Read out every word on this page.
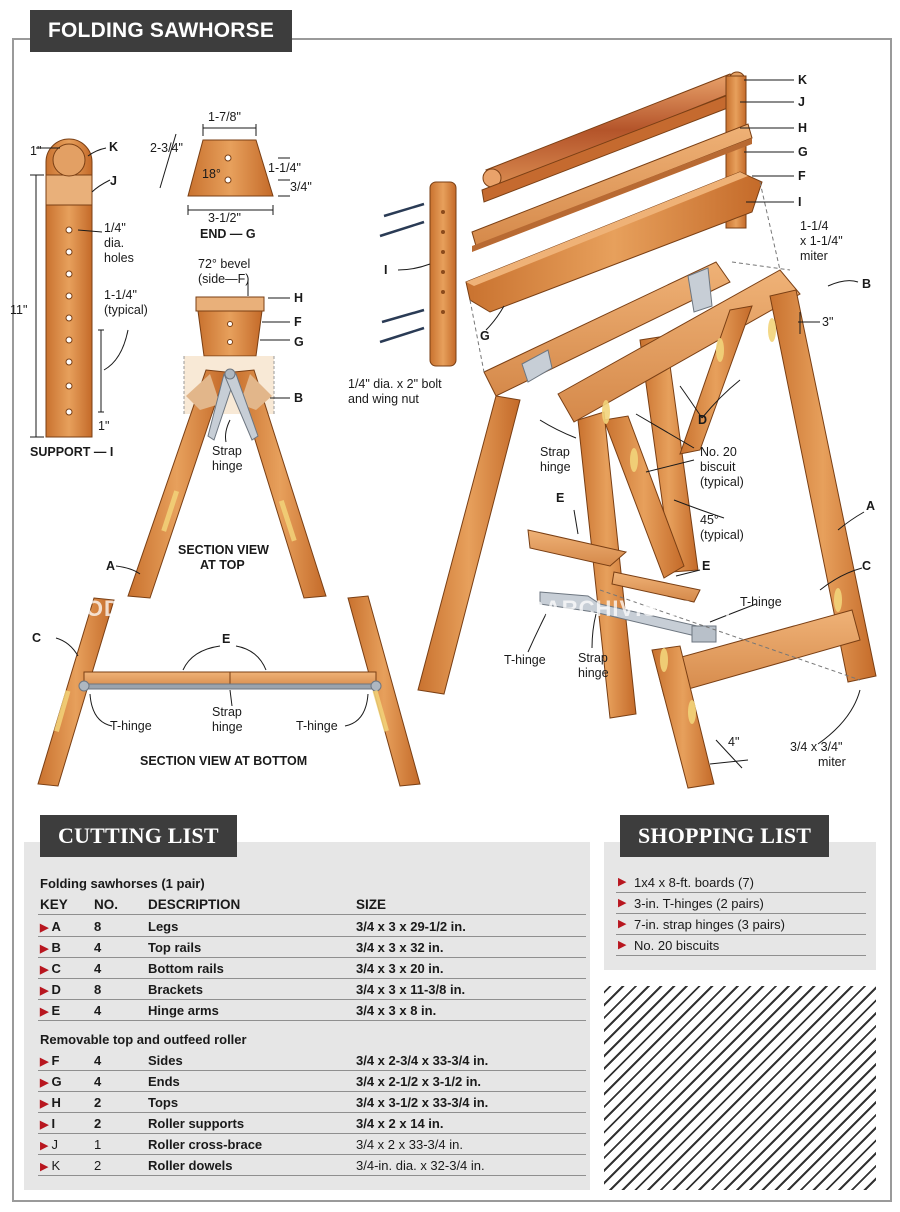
FOLDING SAWHORSE
1"
11"
1"
K
J
1/4"
dia.
holes
1-1/4"
(typical)
SUPPORT — I
1-7/8"
2-3/4"
18°	1-1/4"
3/4"
3-1/2"
END — G
72° bevel
(side—F)
H
F
G
B
Strap
hinge
SECTION VIEW
AT TOP
A
C	E
T-hinge
Strap
hinge	T-hinge
SECTION VIEW AT BOTTOM
K
J
H
G
F
I
1-1/4
x 1-1/4"
miter
B
3"
I
G
1/4" dia. x 2" bolt
and wing nut
D
Strap
hinge
No. 20
biscuit
(typical)
A
E
45°
(typical)
C
E
T-hinge
T-hinge	Strap
hinge
4"	3/4 x 3/4"
miter
WOODARCHIVIST.COM	WOODARCHIVIST.COM
Folding sawhorses (1 pair)
KEY NO. DESCRIPTION	SIZE
▶ A	8	Legs	3/4 x 3 x 29-1/2 in.
▶ B	4	Top rails	3/4 x 3 x 32 in.
▶ C	4	Bottom rails	3/4 x 3 x 20 in.
▶ D	8	Brackets	3/4 x 3 x 11-3/8 in.
▶ E	4	Hinge arms	3/4 x 3 x 8 in.
Removable top and outfeed roller
▶ F	4	Sides	3/4 x 2-3/4 x 33-3/4 in.
▶ G 4	Ends	3/4 x 2-1/2 x 3-1/2 in.
▶ H	2	Tops	3/4 x 3-1/2 x 33-3/4 in.
▶ I	2	Roller supports	3/4 x 2 x 14 in.
▶ J	1	Roller cross-brace	3/4 x 2 x 33-3/4 in.
▶ K	2	Roller dowels	3/4-in. dia. x 32-3/4 in.
CUTTING LIST
▶ 1x4 x 8-ft. boards (7)
▶ 3-in. T-hinges (2 pairs)
▶ 7-in. strap hinges (3 pairs)
▶ No. 20 biscuits
SHOPPING LIST
